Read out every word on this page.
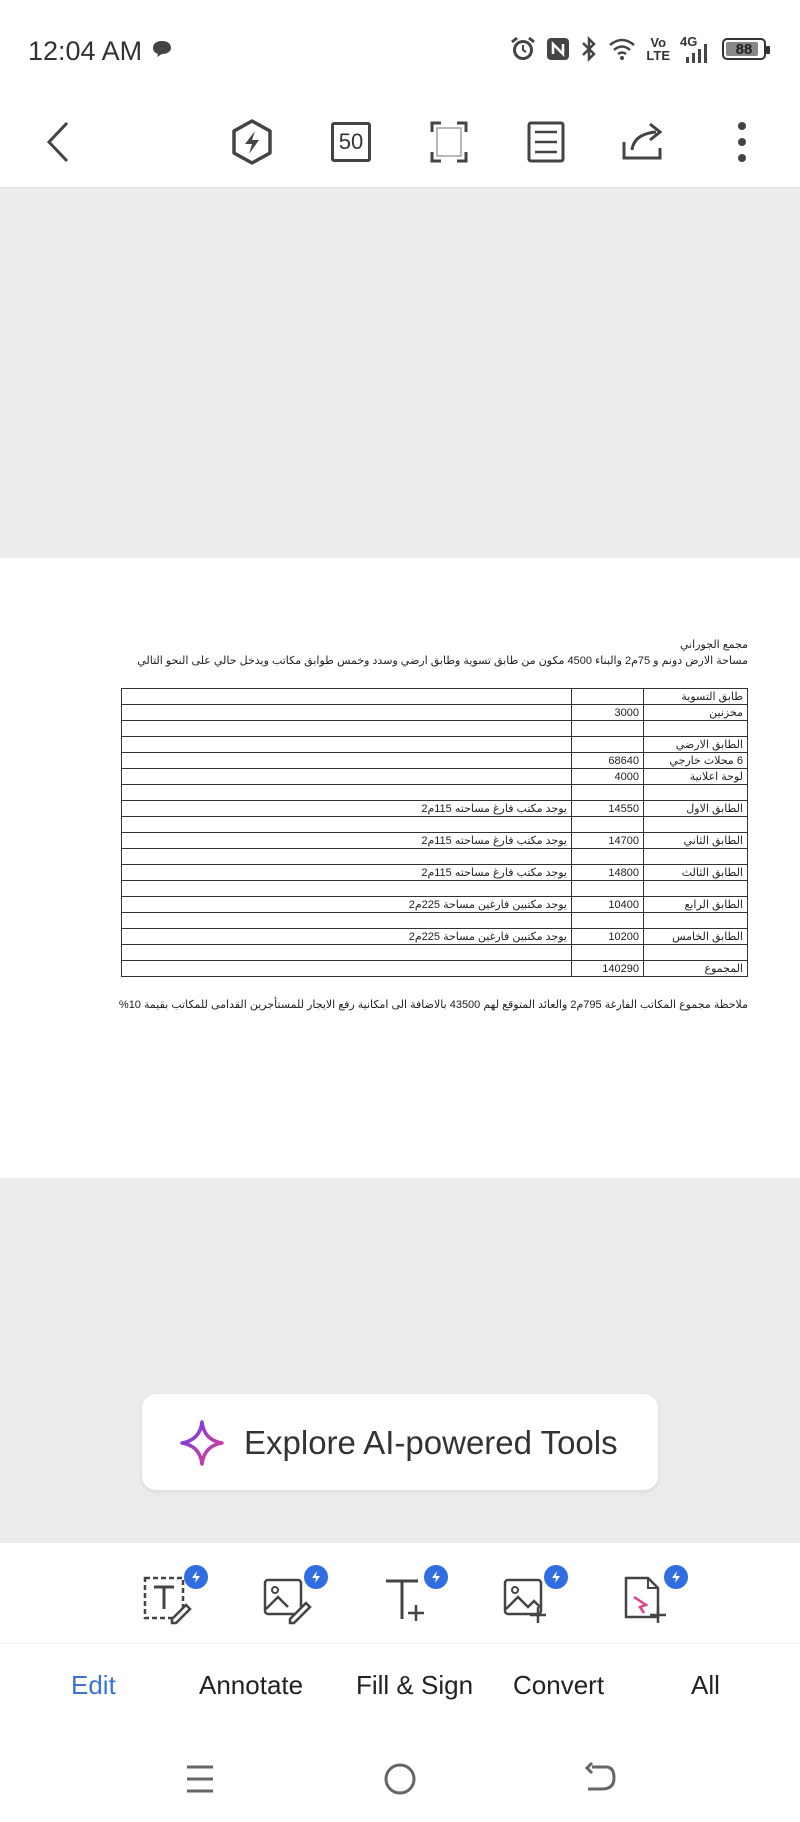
12:04 AM	Vo
LTE
4G	88
50
مجمع الجوراني
مساحة الارض دونم و 75م2 والبناء 4500 مكون من طابق تسوية وطابق ارضي وسدد وخمس طوابق مكاتب ويدخل حالي على النحو التالي
		طابق التسوية
	3000	مخزنين

		الطابق الارضي
	68640	6 محلات خارجي
	4000	لوحة اعلانية

يوجد مكتب فارغ مساحته 115م2	14550	الطابق الاول

يوجد مكتب فارغ مساحته 115م2	14700	الطابق الثاني

يوجد مكتب فارغ مساحته 115م2	14800	الطابق الثالث

يوجد مكتبين فارغين مساحة 225م2	10400	الطابق الرابع

يوجد مكتبين فارغين مساحة 225م2	10200	الطابق الخامس

	140290	المجموع
ملاحظة مجموع المكاتب الفارغة 795م2 والعائد المتوقع لهم 43500 بالاضافة الى امكانية رفع الايجار للمستأجرين القدامى للمكاتب بقيمة 10%
Explore AI-powered Tools
Edit	Annotate Fill & Sign Convert	All
